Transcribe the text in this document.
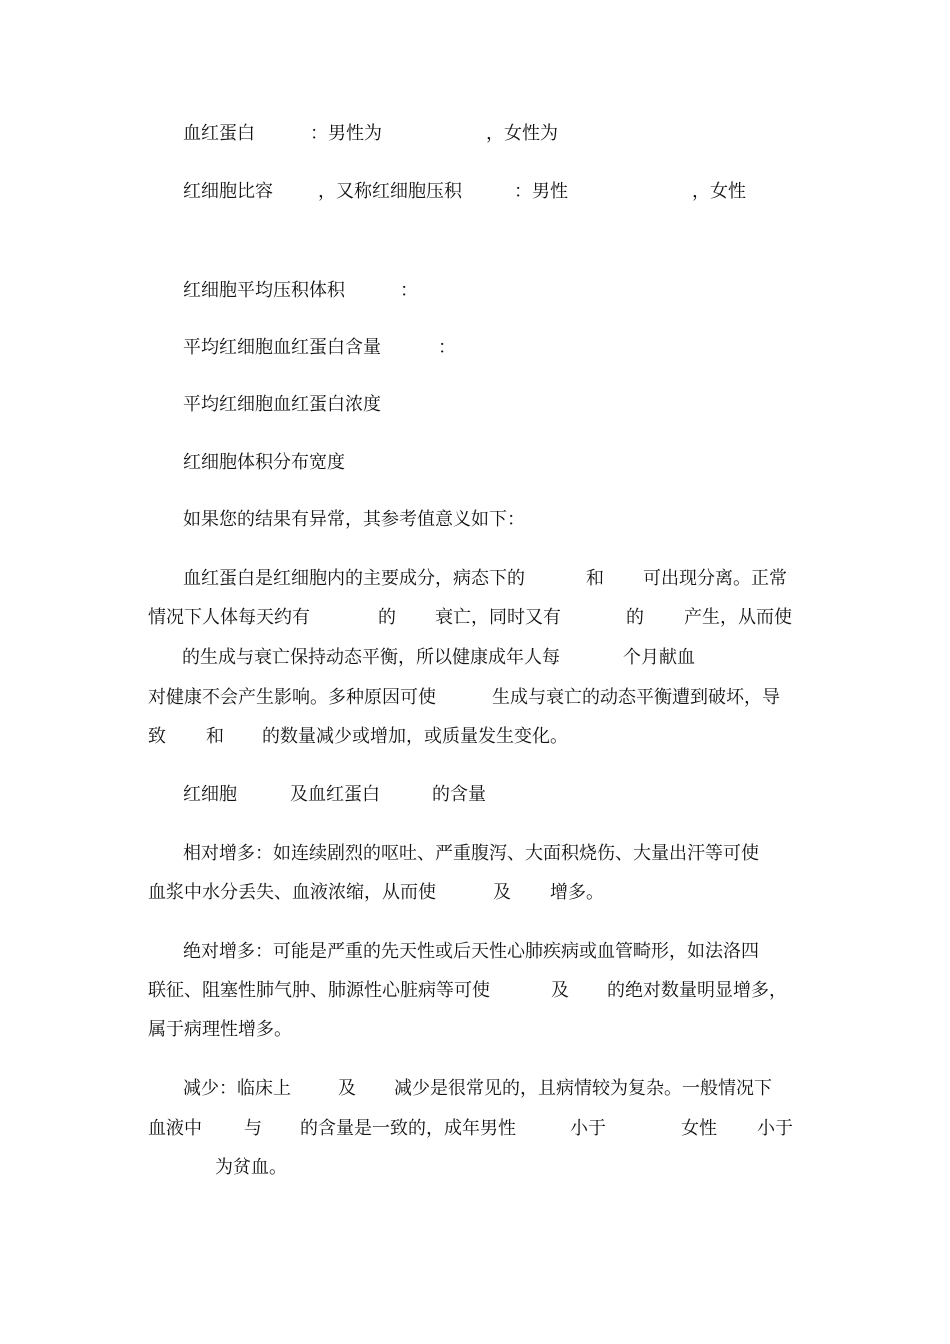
血红蛋白	：男性为	，女性为
红细胞比容	，又称红细胞压积	：男性	，女性
红细胞平均压积体积	：
平均红细胞血红蛋白含量	：
平均红细胞血红蛋白浓度
红细胞体积分布宽度
如果您的结果有异常，其参考值意义如下：
血红蛋白是红细胞内的主要成分，病态下的	和 可出现分离。正常
情况下人体每天约有	的 衰亡，同时又有	的 产生，从而使
的生成与衰亡保持动态平衡，所以健康成年人每	个月献血
对健康不会产生影响。多种原因可使	生成与衰亡的动态平衡遭到破坏，导
致 和 的数量减少或增加，或质量发生变化。
红细胞	及血红蛋白	的含量
相对增多：如连续剧烈的呕吐、严重腹泻、大面积烧伤、大量出汗等可使
血浆中水分丢失、血液浓缩，从而使	及 增多。
绝对增多：可能是严重的先天性或后天性心肺疾病或血管畸形，如法洛四
联征、阻塞性肺气肿、肺源性心脏病等可使	及 的绝对数量明显增多，
属于病理性增多。
减少：临床上	及 减少是很常见的，且病情较为复杂。一般情况下
血液中 与 的含量是一致的，成年男性	小于	女性 小于
为贫血。
